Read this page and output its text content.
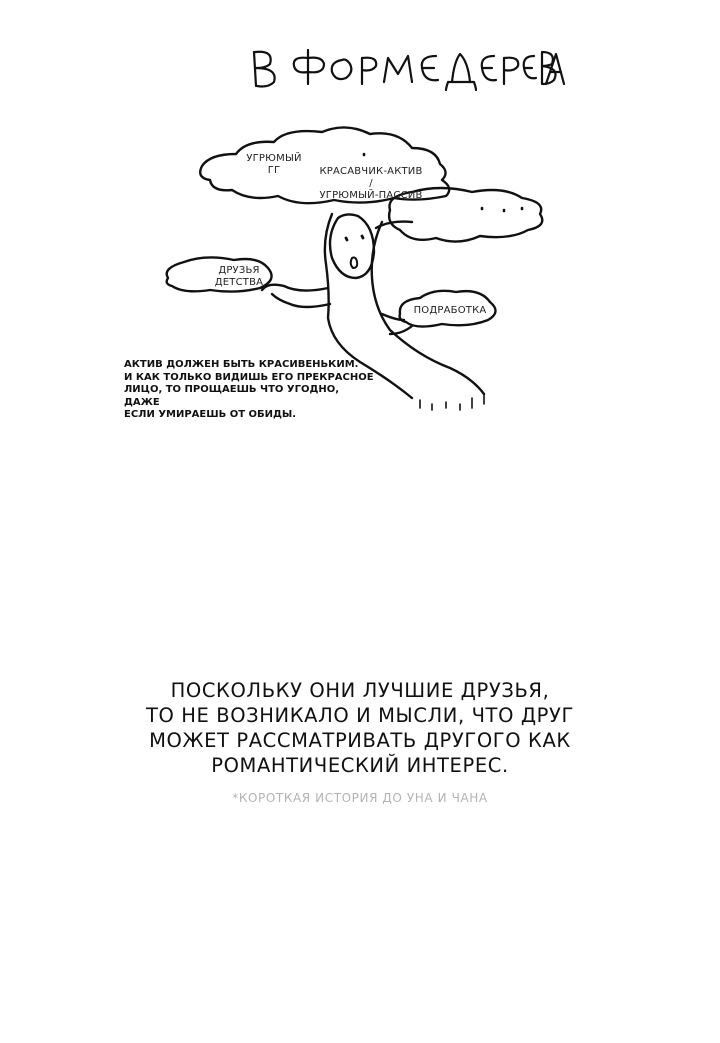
УГРЮМЫЙ ГГ	КРАСАВЧИК-АКТИВ /
УГРЮМЫЙ-ПАССИВ
ДРУЗЬЯ
ДЕТСТВА
ПОДРАБОТКА
АКТИВ ДОЛЖЕН БЫТЬ КРАСИВЕНЬКИМ.
И КАК ТОЛЬКО ВИДИШЬ ЕГО ПРЕКРАСНОЕ
ЛИЦО, ТО ПРОЩАЕШЬ ЧТО УГОДНО, ДАЖЕ
ЕСЛИ УМИРАЕШЬ ОТ ОБИДЫ.
ПОСКОЛЬКУ ОНИ ЛУЧШИЕ ДРУЗЬЯ,
ТО НЕ ВОЗНИКАЛО И МЫСЛИ, ЧТО ДРУГ
МОЖЕТ РАССМАТРИВАТЬ ДРУГОГО КАК
РОМАНТИЧЕСКИЙ ИНТЕРЕС.
*КОРОТКАЯ ИСТОРИЯ ДО УНА И ЧАНА
